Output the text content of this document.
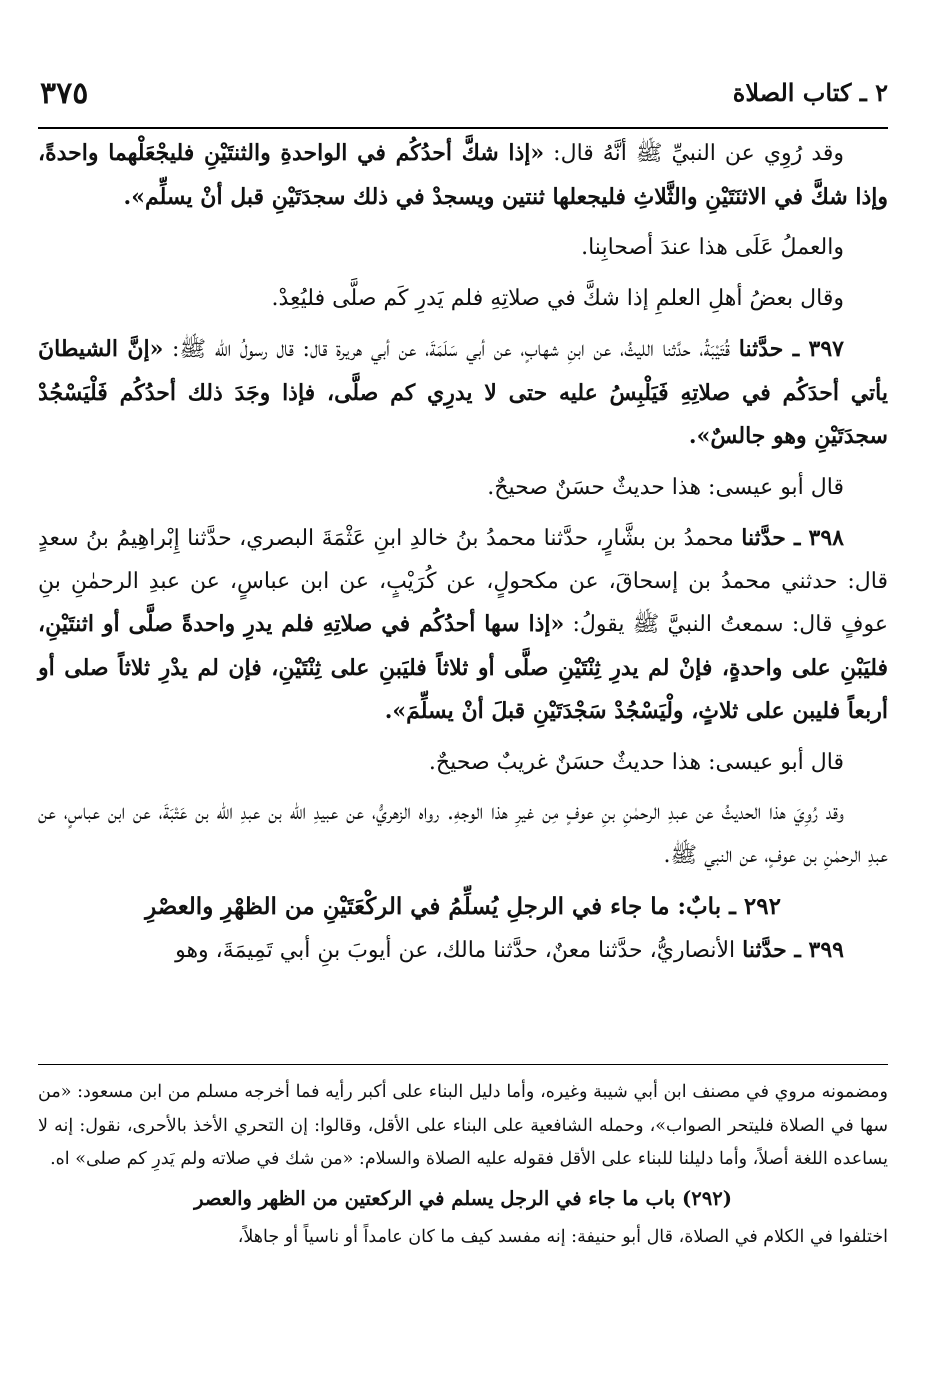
٢ ـ كتاب الصلاة
٣٧٥

وقد رُوِي عن النبيِّ ﷺ أنَّهُ قال: «إذا شكَّ أحدُكُم في الواحدةِ والثنتَيْنِ فليجْعَلْهما واحدةً، وإذا شكَّ في الاثنَتَيْنِ والثَّلاثِ فليجعلها ثنتين ويسجدْ في ذلك سجدَتَيْنِ قبل أنْ يسلِّم».

والعملُ عَلَى هذا عندَ أصحابِنا.

وقال بعضُ أهلِ العلمِ إذا شكَّ في صلاتِهِ فلم يَدرِ كَم صلَّى فليُعِدْ.

٣٩٧ ـ حدَّثنا قُتَيْبَةُ، حدَّثنا الليثُ، عن ابنِ شهابٍ، عن أبي سَلَمَةَ، عن أبي هريرة قال: قال رسولُ الله ﷺ: «إنَّ الشيطانَ يأتي أحدَكُم في صلاتِهِ فَيَلْبِسُ عليه حتى لا يدرِي كم صلَّى، فإذا وجَدَ ذلك أحدُكُم فَلْيَسْجُدْ سجدَتَيْنِ وهو جالسٌ».

قال أبو عيسى: هذا حديثٌ حسَنٌ صحيحٌ.

٣٩٨ ـ حدَّثنا محمدُ بن بشَّارٍ، حدَّثنا محمدُ بنُ خالدِ ابنِ عَثْمَةَ البصري، حدَّثنا إِبْراهِيمُ بنُ سعدٍ قال: حدثني محمدُ بن إسحاقَ، عن مكحولٍ، عن كُرَيْبٍ، عن ابن عباسٍ، عن عبدِ الرحمٰنِ بنِ عوفٍ قال: سمعتُ النبيَّ ﷺ يقولُ: «إذا سها أحدُكُم في صلاتِهِ فلم يدرِ واحدةً صلَّى أو اثنتَيْنِ، فليَبْنِ على واحدةٍ، فإنْ لم يدرِ ثِنْتَيْنِ صلَّى أو ثلاثاً فليَبنِ على ثِنْتَيْنِ، فإن لم يدْرِ ثلاثاً صلى أو أربعاً فليبن على ثلاثٍ، ولْيَسْجُدْ سَجْدَتَيْنِ قبلَ أنْ يسلِّمَ».

قال أبو عيسى: هذا حديثٌ حسَنٌ غريبٌ صحيحٌ.

وقد رُوِيَ هذا الحديثُ عن عبدِ الرحمٰنِ بنِ عوفٍ مِن غيرِ هذا الوجهِ. رواه الزهريُّ، عن عبيدِ الله بن عبدِ الله بن عَتْبَةَ، عن ابن عباسٍ، عن عبدِ الرحمٰنِ بن عوفٍ، عن النبي ﷺ.

٢٩٢ ـ بابٌ: ما جاء في الرجلِ يُسلِّمُ في الركْعَتَيْنِ من الظهْرِ والعصْرِ

٣٩٩ ـ حدَّثنا الأنصاريُّ، حدَّثنا معنٌ، حدَّثنا مالك، عن أيوبَ بنِ أبي تَمِيمَةَ، وهو

ومضمونه مروي في مصنف ابن أبي شيبة وغيره، وأما دليل البناء على أكبر رأيه فما أخرجه مسلم من ابن مسعود: «من سها في الصلاة فليتحر الصواب»، وحمله الشافعية على البناء على الأقل، وقالوا: إن التحري الأخذ بالأحرى، نقول: إنه لا يساعده اللغة أصلاً، وأما دليلنا للبناء على الأقل فقوله عليه الصلاة والسلام: «من شك في صلاته ولم يَدرِ كم صلى» اه.

(٢٩٢) باب ما جاء في الرجل يسلم في الركعتين من الظهر والعصر

اختلفوا في الكلام في الصلاة، قال أبو حنيفة: إنه مفسد كيف ما كان عامداً أو ناسياً أو جاهلاً،
